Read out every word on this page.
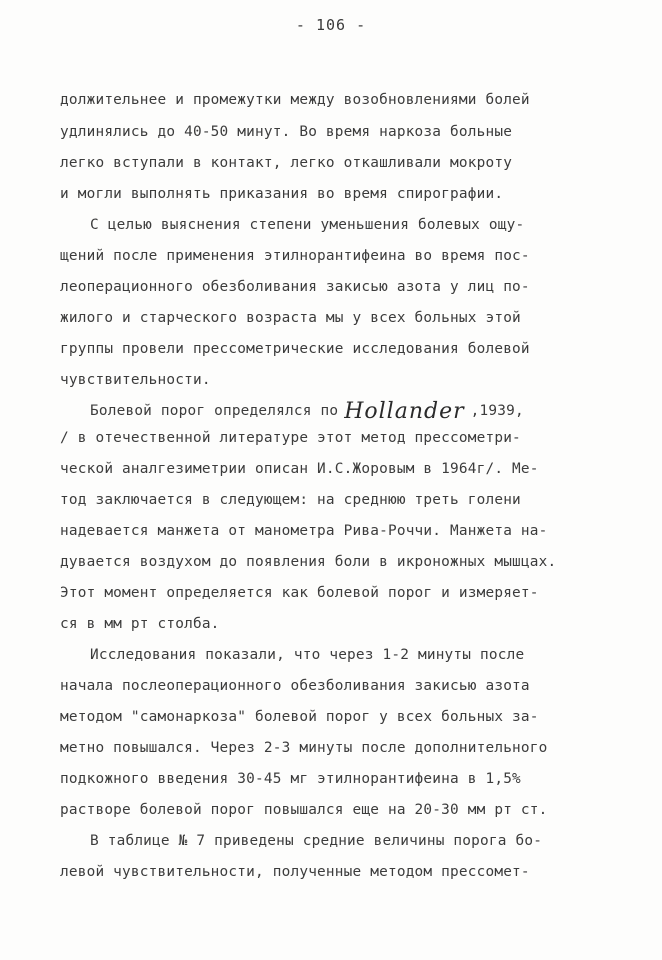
- 106 -
должительнее и промежутки между возобновлениями болей
удлинялись до 40-50 минут. Во время наркоза больные
легко вступали в контакт, легко откашливали мокроту
и могли выполнять приказания во время спирографии.
С целью выяснения степени уменьшения болевых ощу-
щений после применения этилнорантифеина во время пос-
леоперационного обезболивания закисью азота у лиц по-
жилого и старческого возраста мы у всех больных этой
группы провели прессометрические исследования болевой
чувствительности.
Болевой порог определялся по Hollander ,1939,
/ в отечественной литературе этот метод прессометри-
ческой аналгезиметрии описан И.С.Жоровым в 1964г/. Ме-
тод заключается в следующем: на среднюю треть голени
надевается манжета от манометра Рива-Роччи. Манжета на-
дувается воздухом до появления боли в икроножных мышцах.
Этот момент определяется как болевой порог и измеряет-
ся в мм рт столба.
Исследования показали, что через 1-2 минуты после
начала послеоперационного обезболивания закисью азота
методом "самонаркоза" болевой порог у всех больных за-
метно повышался. Через 2-3 минуты после дополнительного
подкожного введения 30-45 мг этилнорантифеина в 1,5%
растворе болевой порог повышался еще на 20-30 мм рт ст.
В таблице № 7 приведены средние величины порога бо-
левой чувствительности, полученные методом прессомет-
